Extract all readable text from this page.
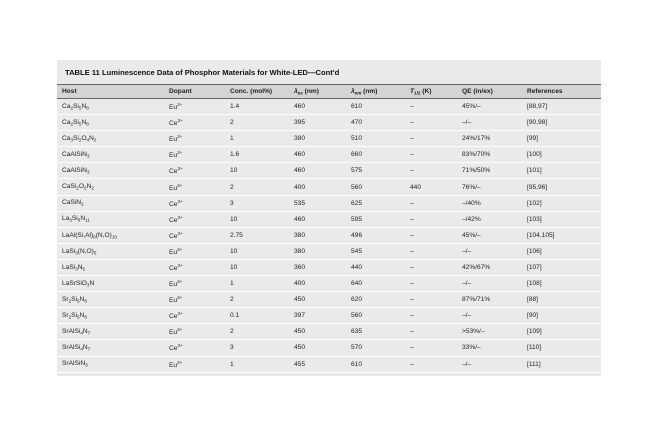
TABLE 11 Luminescence Data of Phosphor Materials for White-LED—Cont'd
Host	Dopant	Conc. (mol%)	$\lambda_{ex}$ (nm)	$\lambda_{em}$ (nm)	$T_{1/2}$ (K)	QE (in/ex)	References
$Ca_2Si_5N_8$	$Eu^{2+}$	1.4	460	610	–	45%/–	[88,97]
$Ca_2Si_5N_8$	$Ce^{3+}$	2	395	470	–	–/–	[90,98]
$Ca_3Si_2O_4N_2$	$Eu^{2+}$	1	380	510	–	24%/17%	[99]
CaAlSiN$_3$	$Eu^{2+}$	1.6	460	660	–	83%/70%	[100]
CaAlSiN$_3$	$Ce^{3+}$	10	460	575	–	71%/50%	[101]
$CaSi_2O_2N_2$	$Eu^{2+}$	2	400	560	440	76%/–	[95,96]
CaSiN$_2$	$Ce^{3+}$	3	535	625	–	–/40%	[102]
$La_3Si_6N_{11}$	$Ce^{3+}$	10	460	595	–	–/42%	[103]
$LaAl(Si,Al)_6(N,O)_{10}$	$Ce^{3+}$	2.75	380	496	–	45%/–	[104,105]
$LaSi_3(N,O)_5$	$Eu^{2+}$	10	380	545	–	–/–	[106]
$LaSi_3N_5$	$Ce^{3+}$	10	360	440	–	42%/67%	[107]
LaSrSiO$_3$N	$Eu^{2+}$	1	400	640	–	–/–	[108]
$Sr_2Si_5N_8$	$Eu^{2+}$	2	450	620	–	87%/71%	[88]
$Sr_2Si_5N_8$	$Ce^{3+}$	0.1	397	560	–	–/–	[90]
$SrAlSi_4N_7$	$Eu^{2+}$	2	450	635	–	>53%/–	[109]
$SrAlSi_4N_7$	$Ce^{3+}$	3	450	570	–	33%/–	[110]
SrAlSiN$_3$	$Eu^{2+}$	1	455	610	–	–/–	[111]
